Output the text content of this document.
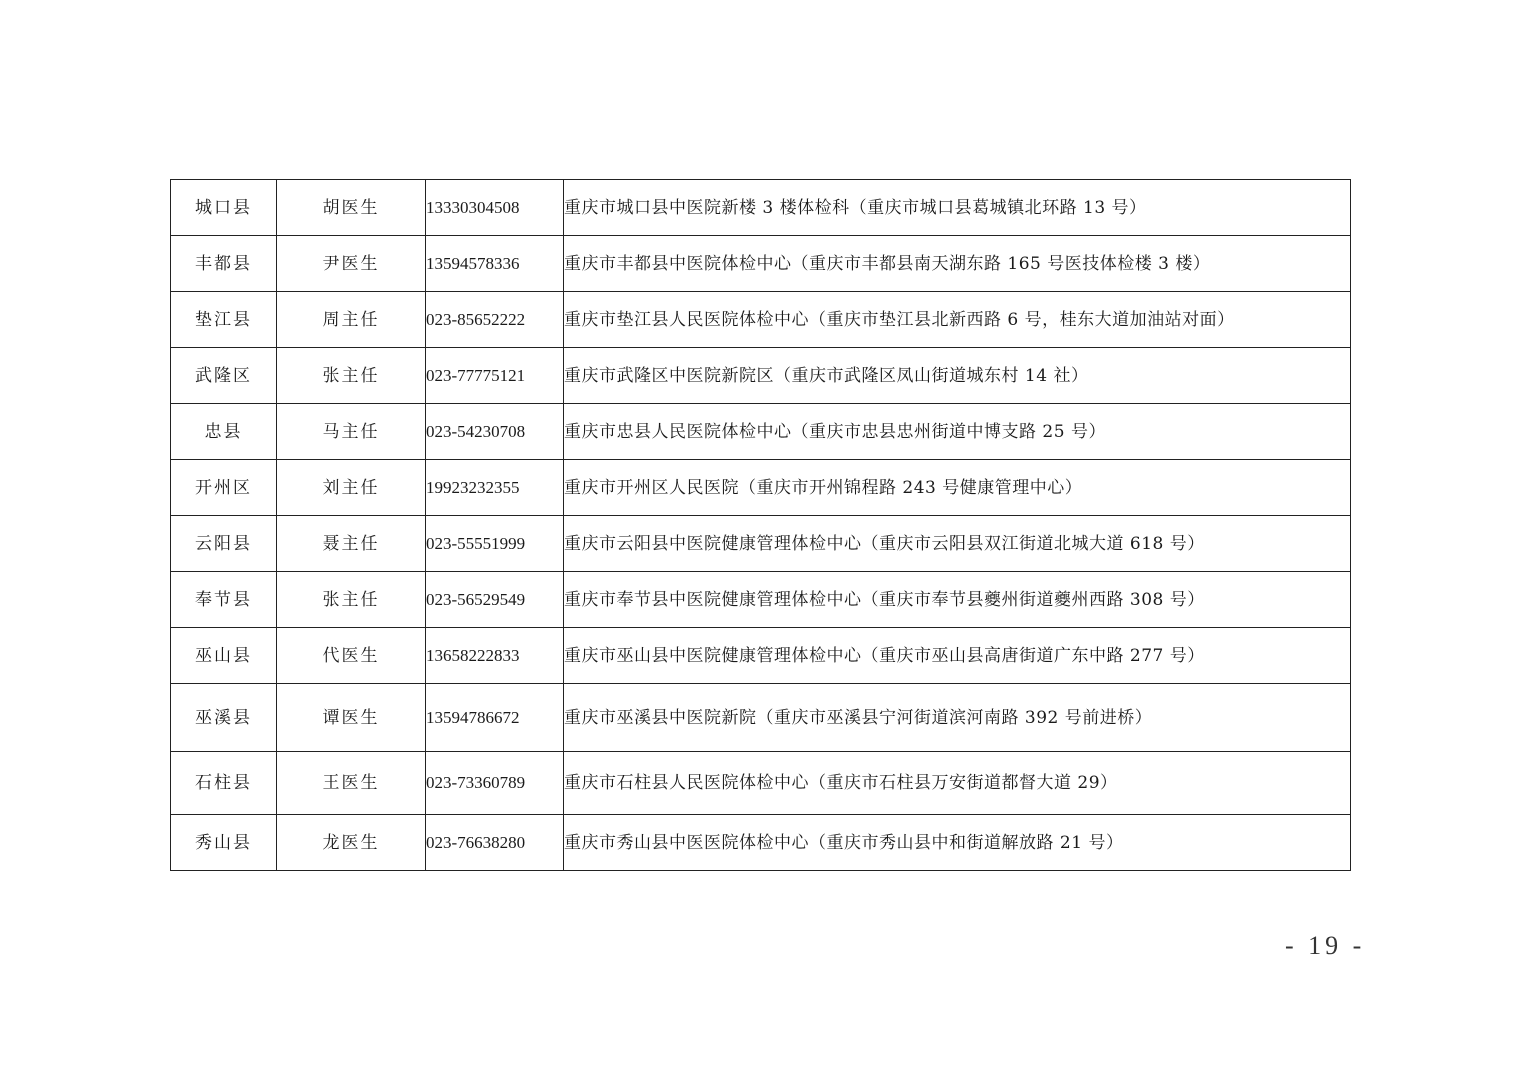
城口县	胡医生	13330304508	重庆市城口县中医院新楼 3 楼体检科（重庆市城口县葛城镇北环路 13 号）
丰都县	尹医生	13594578336	重庆市丰都县中医院体检中心（重庆市丰都县南天湖东路 165 号医技体检楼 3 楼）
垫江县	周主任	023-85652222	重庆市垫江县人民医院体检中心（重庆市垫江县北新西路 6 号，桂东大道加油站对面）
武隆区	张主任	023-77775121	重庆市武隆区中医院新院区（重庆市武隆区凤山街道城东村 14 社）
忠县	马主任	023-54230708	重庆市忠县人民医院体检中心（重庆市忠县忠州街道中博支路 25 号）
开州区	刘主任	19923232355	重庆市开州区人民医院（重庆市开州锦程路 243 号健康管理中心）
云阳县	聂主任	023-55551999	重庆市云阳县中医院健康管理体检中心（重庆市云阳县双江街道北城大道 618 号）
奉节县	张主任	023-56529549	重庆市奉节县中医院健康管理体检中心（重庆市奉节县夔州街道夔州西路 308 号）
巫山县	代医生	13658222833	重庆市巫山县中医院健康管理体检中心（重庆市巫山县高唐街道广东中路 277 号）
巫溪县	谭医生	13594786672	重庆市巫溪县中医院新院（重庆市巫溪县宁河街道滨河南路 392 号前进桥）
石柱县	王医生	023-73360789	重庆市石柱县人民医院体检中心（重庆市石柱县万安街道都督大道 29）
秀山县	龙医生	023-76638280	重庆市秀山县中医医院体检中心（重庆市秀山县中和街道解放路 21 号）
- 19 -
